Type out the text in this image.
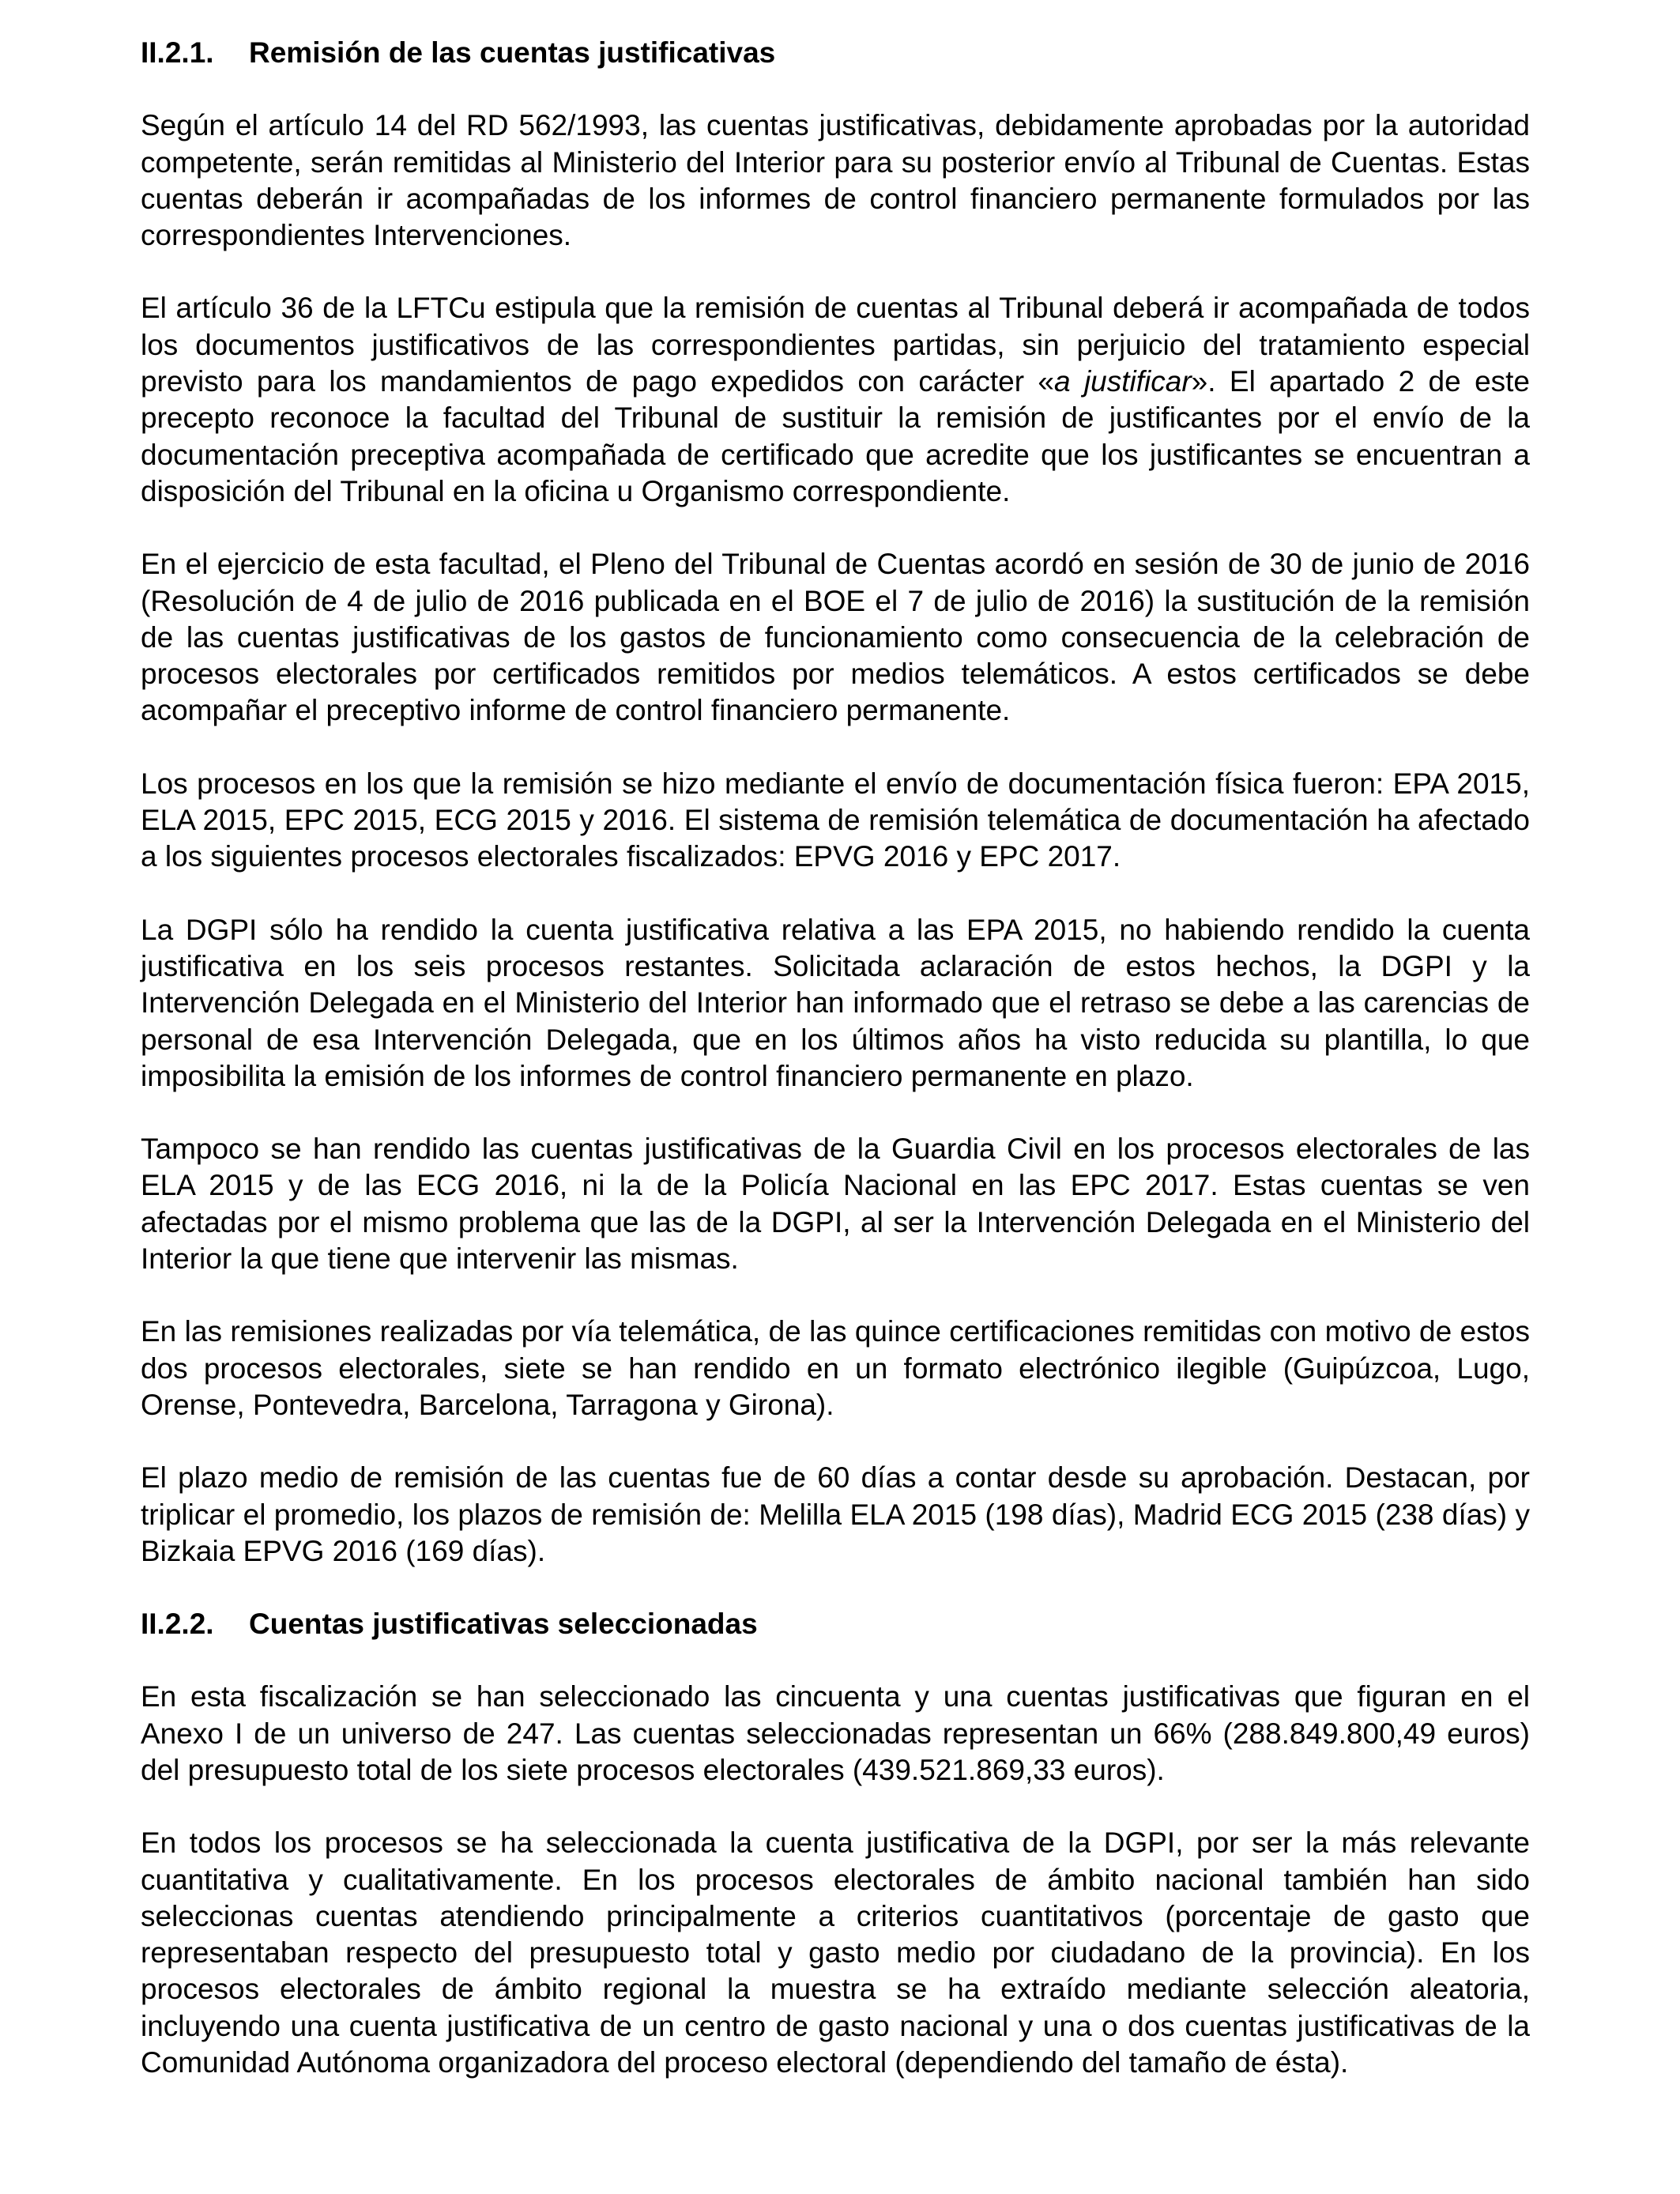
II.2.1.	Remisión de las cuentas justificativas

Según el artículo 14 del RD 562/1993, las cuentas justificativas, debidamente aprobadas por la autoridad competente, serán remitidas al Ministerio del Interior para su posterior envío al Tribunal de Cuentas. Estas cuentas deberán ir acompañadas de los informes de control financiero permanente formulados por las correspondientes Intervenciones.

El artículo 36 de la LFTCu estipula que la remisión de cuentas al Tribunal deberá ir acompañada de todos los documentos justificativos de las correspondientes partidas, sin perjuicio del tratamiento especial previsto para los mandamientos de pago expedidos con carácter «a justificar». El apartado 2 de este precepto reconoce la facultad del Tribunal de sustituir la remisión de justificantes por el envío de la documentación preceptiva acompañada de certificado que acredite que los justificantes se encuentran a disposición del Tribunal en la oficina u Organismo correspondiente.

En el ejercicio de esta facultad, el Pleno del Tribunal de Cuentas acordó en sesión de 30 de junio de 2016 (Resolución de 4 de julio de 2016 publicada en el BOE el 7 de julio de 2016) la sustitución de la remisión de las cuentas justificativas de los gastos de funcionamiento como consecuencia de la celebración de procesos electorales por certificados remitidos por medios telemáticos. A estos certificados se debe acompañar el preceptivo informe de control financiero permanente.

Los procesos en los que la remisión se hizo mediante el envío de documentación física fueron: EPA 2015, ELA 2015, EPC 2015, ECG 2015 y 2016. El sistema de remisión telemática de documentación ha afectado a los siguientes procesos electorales fiscalizados: EPVG 2016 y EPC 2017.

La DGPI sólo ha rendido la cuenta justificativa relativa a las EPA 2015, no habiendo rendido la cuenta justificativa en los seis procesos restantes. Solicitada aclaración de estos hechos, la DGPI y la Intervención Delegada en el Ministerio del Interior han informado que el retraso se debe a las carencias de personal de esa Intervención Delegada, que en los últimos años ha visto reducida su plantilla, lo que imposibilita la emisión de los informes de control financiero permanente en plazo.

Tampoco se han rendido las cuentas justificativas de la Guardia Civil en los procesos electorales de las ELA 2015 y de las ECG 2016, ni la de la Policía Nacional en las EPC 2017. Estas cuentas se ven afectadas por el mismo problema que las de la DGPI, al ser la Intervención Delegada en el Ministerio del Interior la que tiene que intervenir las mismas.

En las remisiones realizadas por vía telemática, de las quince certificaciones remitidas con motivo de estos dos procesos electorales, siete se han rendido en un formato electrónico ilegible (Guipúzcoa, Lugo, Orense, Pontevedra, Barcelona, Tarragona y Girona).

El plazo medio de remisión de las cuentas fue de 60 días a contar desde su aprobación. Destacan, por triplicar el promedio, los plazos de remisión de: Melilla ELA 2015 (198 días), Madrid ECG 2015 (238 días) y Bizkaia EPVG 2016 (169 días).

II.2.2.	Cuentas justificativas seleccionadas

En esta fiscalización se han seleccionado las cincuenta y una cuentas justificativas que figuran en el Anexo I de un universo de 247. Las cuentas seleccionadas representan un 66% (288.849.800,49 euros) del presupuesto total de los siete procesos electorales (439.521.869,33 euros).

En todos los procesos se ha seleccionada la cuenta justificativa de la DGPI, por ser la más relevante cuantitativa y cualitativamente. En los procesos electorales de ámbito nacional también han sido seleccionas cuentas atendiendo principalmente a criterios cuantitativos (porcentaje de gasto que representaban respecto del presupuesto total y gasto medio por ciudadano de la provincia). En los procesos electorales de ámbito regional la muestra se ha extraído mediante selección aleatoria, incluyendo una cuenta justificativa de un centro de gasto nacional y una o dos cuentas justificativas de la Comunidad Autónoma organizadora del proceso electoral (dependiendo del tamaño de ésta).
